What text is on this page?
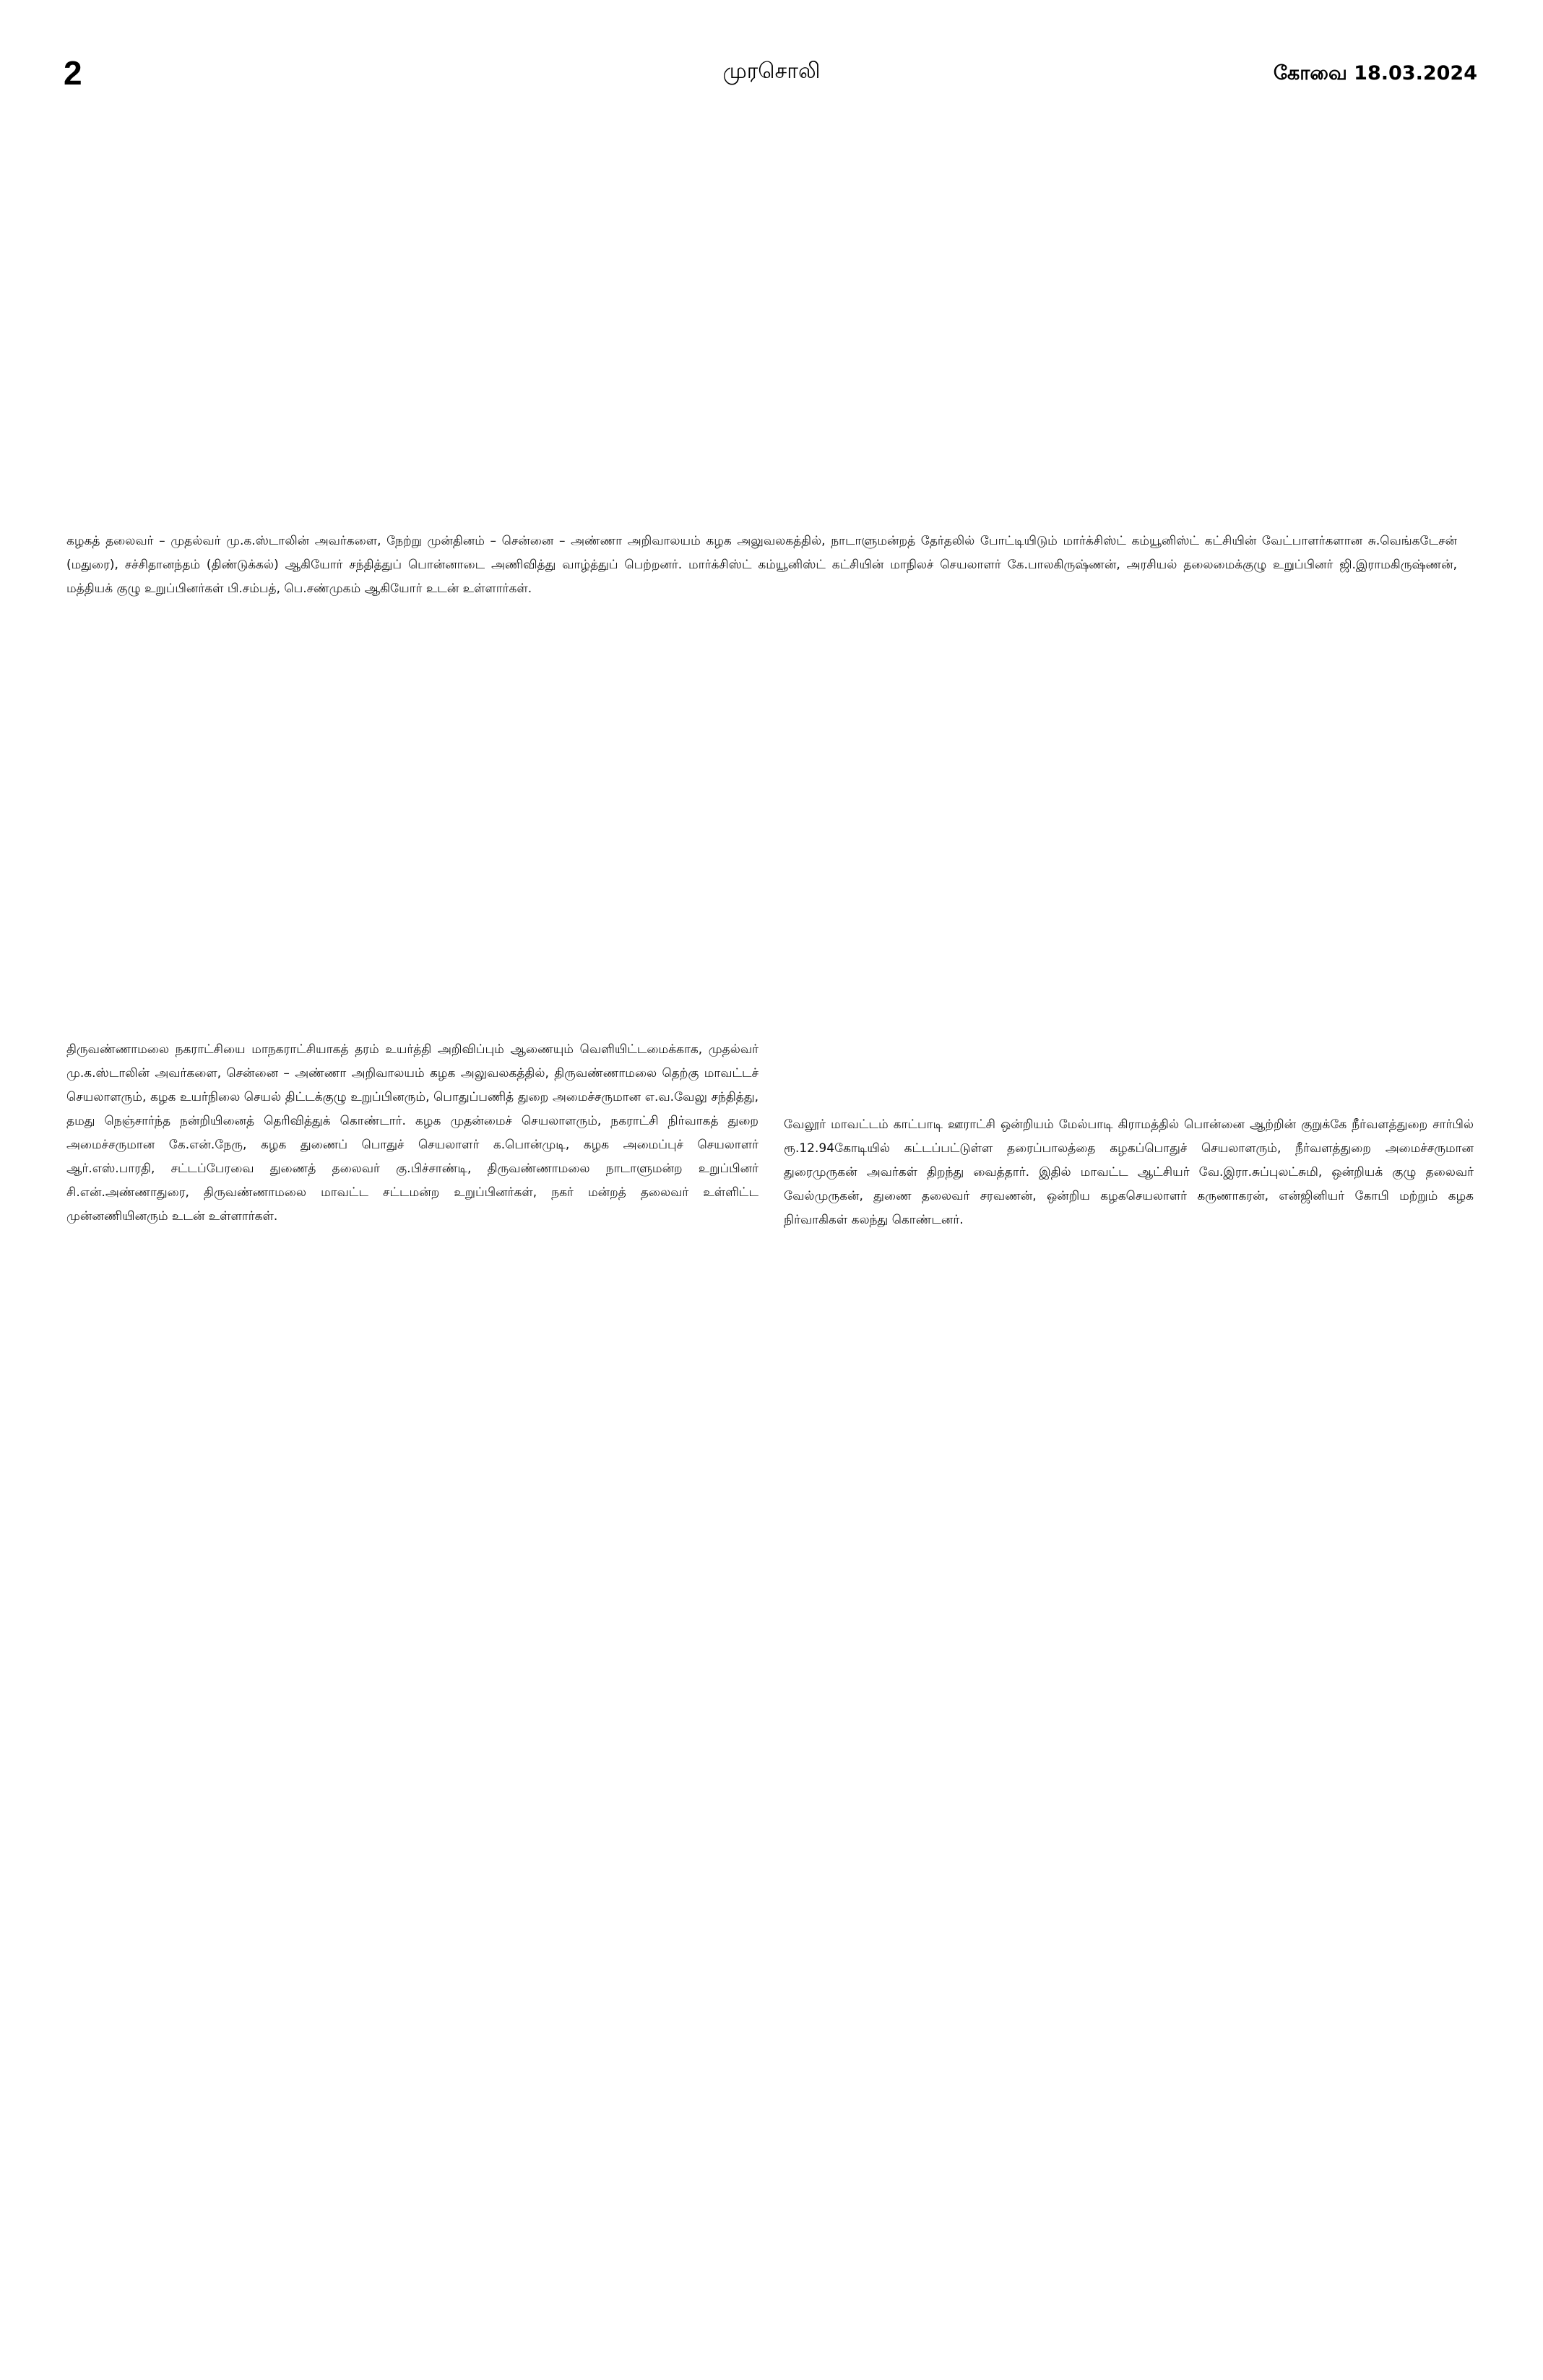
2	முரசொலி	கோவை 18.03.2024

கழகத் தலைவர் – முதல்வர் மு.க.ஸ்டாலின் அவர்களை, நேற்று முன்தினம் – சென்னை – அண்ணா அறிவாலயம் கழக அலுவலகத்தில், நாடாளுமன்றத் தேர்தலில் போட்டியிடும் மார்க்சிஸ்ட் கம்யூனிஸ்ட் கட்சியின் வேட்பாளர்களான சு.வெங்கடேசன் (மதுரை), சச்சிதானந்தம் (திண்டுக்கல்) ஆகியோர் சந்தித்துப் பொன்னாடை அணிவித்து வாழ்த்துப் பெற்றனர். மார்க்சிஸ்ட் கம்யூனிஸ்ட் கட்சியின் மாநிலச் செயலாளர் கே.பாலகிருஷ்ணன், அரசியல் தலைமைக்குழு உறுப்பினர் ஜி.இராமகிருஷ்ணன், மத்தியக் குழு உறுப்பினர்கள் பி.சம்பத், பெ.சண்முகம் ஆகியோர் உடன் உள்ளார்கள்.

திருவண்ணாமலை நகராட்சியை மாநகராட்சியாகத் தரம் உயர்த்தி அறிவிப்பும் ஆணையும் வெளியிட்டமைக்காக, முதல்வர் மு.க.ஸ்டாலின் அவர்களை, சென்னை – அண்ணா அறிவாலயம் கழக அலுவலகத்தில், திருவண்ணாமலை தெற்கு மாவட்டச் செயலாளரும், கழக உயர்நிலை செயல் திட்டக்குழு உறுப்பினரும், பொதுப்பணித் துறை அமைச்சருமான எ.வ.வேலு சந்தித்து, தமது நெஞ்சார்ந்த நன்றியினைத் தெரிவித்துக் கொண்டார். கழக முதன்மைச் செயலாளரும், நகராட்சி நிர்வாகத் துறை அமைச்சருமான கே.என்.நேரு, கழக துணைப் பொதுச் செயலாளர் க.பொன்முடி, கழக அமைப்புச் செயலாளர் ஆர்.எஸ்.பாரதி, சட்டப்பேரவை துணைத் தலைவர் கு.பிச்சாண்டி, திருவண்ணாமலை நாடாளுமன்ற உறுப்பினர் சி.என்.அண்ணாதுரை, திருவண்ணாமலை மாவட்ட சட்டமன்ற உறுப்பினர்கள், நகர் மன்றத் தலைவர் உள்ளிட்ட முன்னணியினரும் உடன் உள்ளார்கள்.

வேலூர் மாவட்டம் காட்பாடி ஊராட்சி ஒன்றியம் மேல்பாடி கிராமத்தில் பொன்னை ஆற்றின் குறுக்கே நீர்வளத்துறை சார்பில் ரூ.12.94கோடியில் கட்டப்பட்டுள்ள தரைப்பாலத்தை கழகப்பொதுச் செயலாளரும், நீர்வளத்துறை அமைச்சருமான துரைமுருகன் அவர்கள் திறந்து வைத்தார். இதில் மாவட்ட ஆட்சியர் வே.இரா.சுப்புலட்சுமி, ஒன்றியக் குழு தலைவர் வேல்முருகன், துணை தலைவர் சரவணன், ஒன்றிய கழகசெயலாளர் கருணாகரன், என்ஜினியர் கோபி மற்றும் கழக நிர்வாகிகள் கலந்து கொண்டனர்.
